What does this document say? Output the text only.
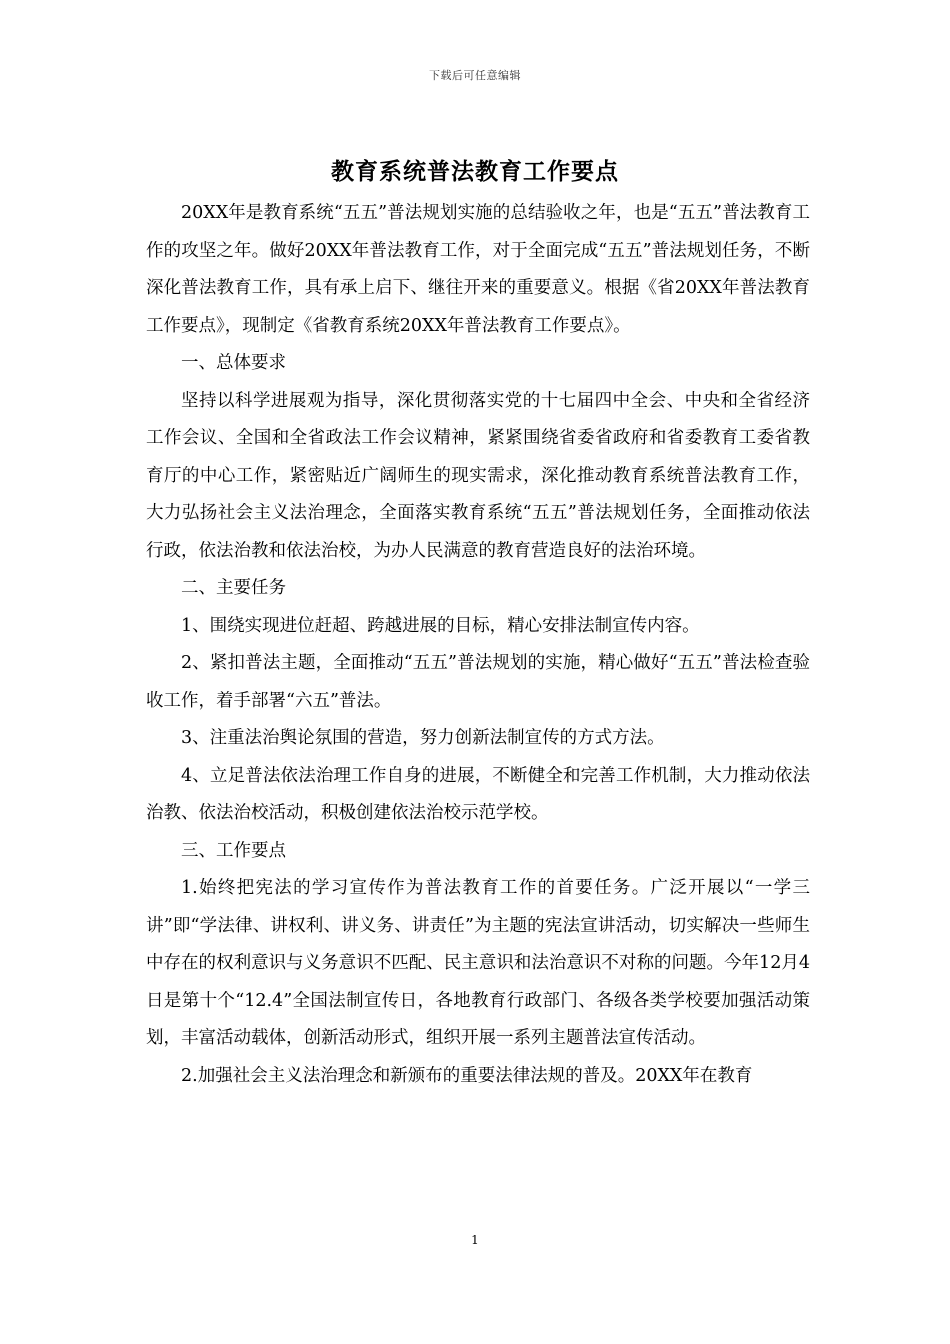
下载后可任意编辑
教育系统普法教育工作要点

20XX年是教育系统“五五”普法规划实施的总结验收之年，也是“五五”普法教育工作的攻坚之年。做好20XX年普法教育工作，对于全面完成“五五”普法规划任务，不断深化普法教育工作，具有承上启下、继往开来的重要意义。根据《省20XX年普法教育工作要点》，现制定《省教育系统20XX年普法教育工作要点》。

一、总体要求

坚持以科学进展观为指导，深化贯彻落实党的十七届四中全会、中央和全省经济工作会议、全国和全省政法工作会议精神，紧紧围绕省委省政府和省委教育工委省教育厅的中心工作，紧密贴近广阔师生的现实需求，深化推动教育系统普法教育工作，大力弘扬社会主义法治理念，全面落实教育系统“五五”普法规划任务，全面推动依法行政，依法治教和依法治校，为办人民满意的教育营造良好的法治环境。

二、主要任务

1、围绕实现进位赶超、跨越进展的目标，精心安排法制宣传内容。

2、紧扣普法主题，全面推动“五五”普法规划的实施，精心做好“五五”普法检查验收工作，着手部署“六五”普法。

3、注重法治舆论氛围的营造，努力创新法制宣传的方式方法。

4、立足普法依法治理工作自身的进展，不断健全和完善工作机制，大力推动依法治教、依法治校活动，积极创建依法治校示范学校。

三、工作要点

1.始终把宪法的学习宣传作为普法教育工作的首要任务。广泛开展以“一学三讲”即“学法律、讲权利、讲义务、讲责任”为主题的宪法宣讲活动，切实解决一些师生中存在的权利意识与义务意识不匹配、民主意识和法治意识不对称的问题。今年12月4日是第十个“12.4”全国法制宣传日，各地教育行政部门、各级各类学校要加强活动策划，丰富活动载体，创新活动形式，组织开展一系列主题普法宣传活动。

2.加强社会主义法治理念和新颁布的重要法律法规的普及。20XX年在教育

1
